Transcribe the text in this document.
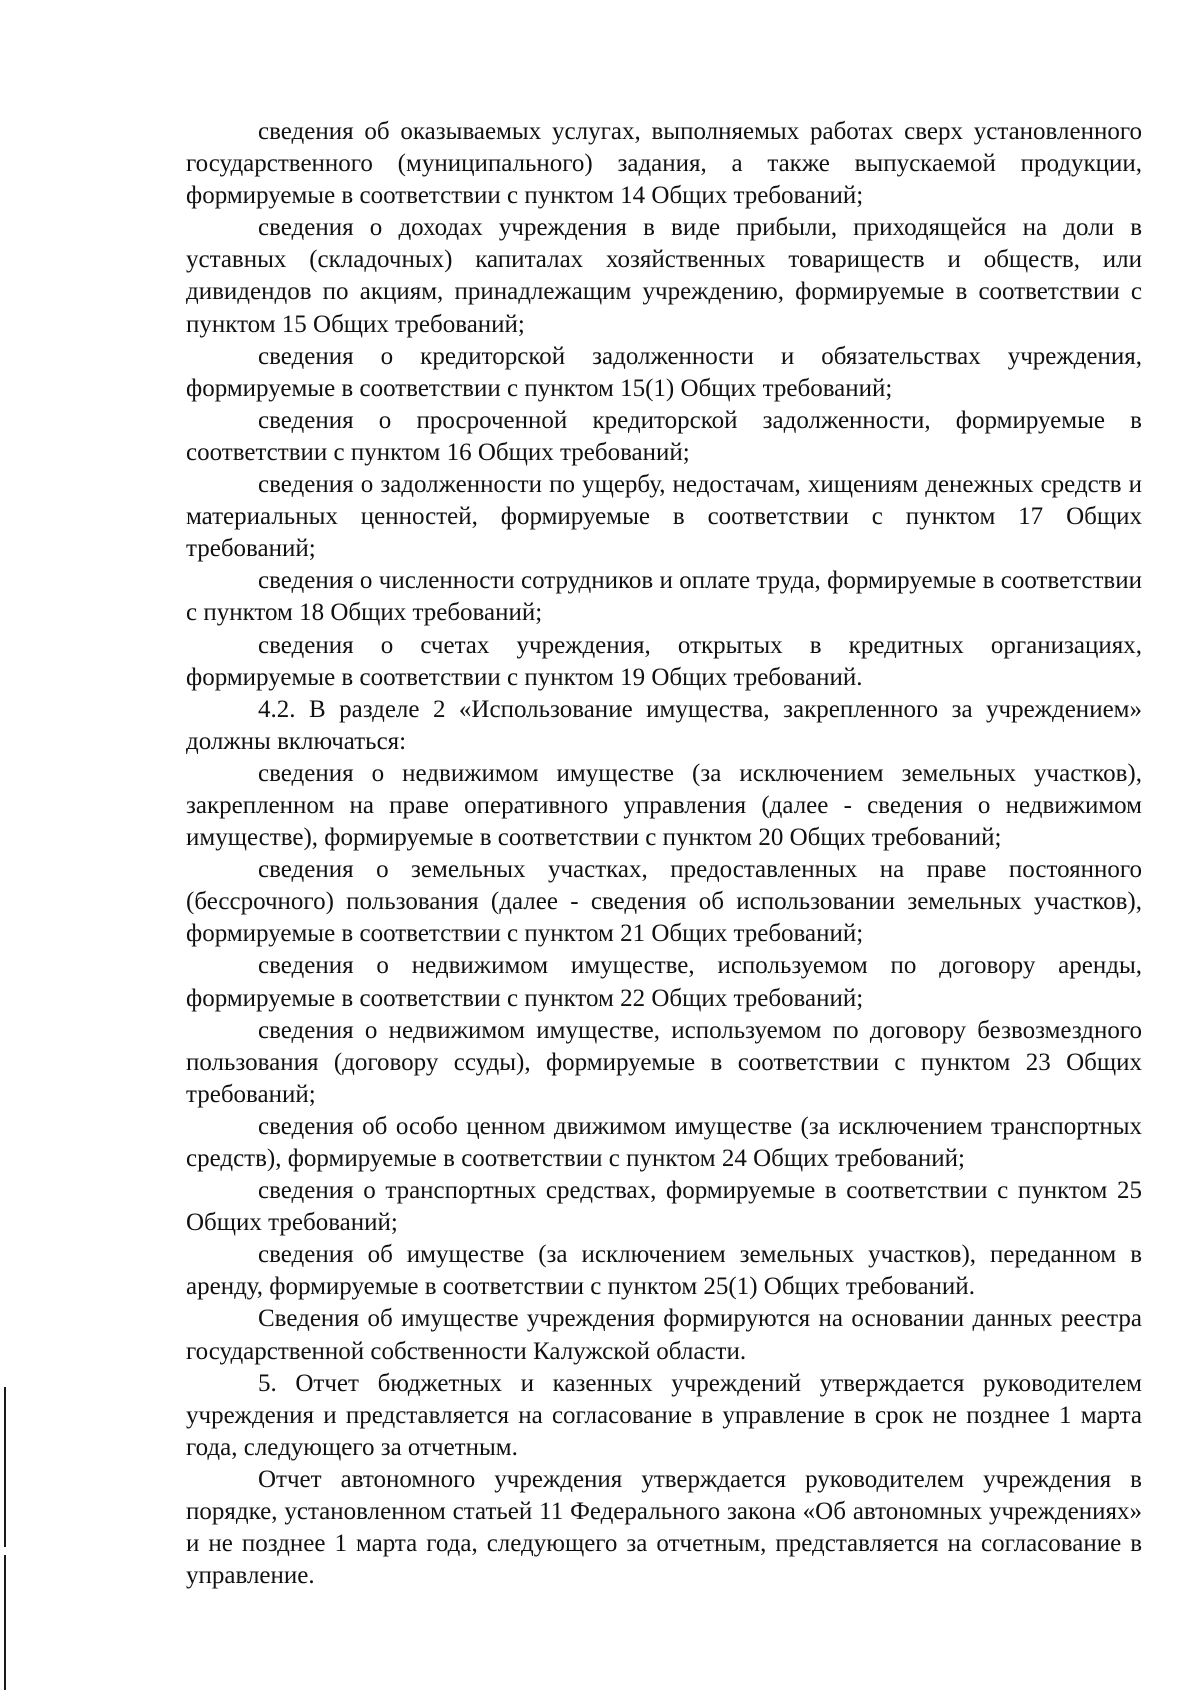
сведения об оказываемых услугах, выполняемых работах сверх установленного государственного (муниципального) задания, а также выпускаемой продукции, формируемые в соответствии с пунктом 14 Общих требований;

сведения о доходах учреждения в виде прибыли, приходящейся на доли в уставных (складочных) капиталах хозяйственных товариществ и обществ, или дивидендов по акциям, принадлежащим учреждению, формируемые в соответствии с пунктом 15 Общих требований;

сведения о кредиторской задолженности и обязательствах учреждения, формируемые в соответствии с пунктом 15(1) Общих требований;

сведения о просроченной кредиторской задолженности, формируемые в соответствии с пунктом 16 Общих требований;

сведения о задолженности по ущербу, недостачам, хищениям денежных средств и материальных ценностей, формируемые в соответствии с пунктом 17 Общих требований;

сведения о численности сотрудников и оплате труда, формируемые в соответствии с пунктом 18 Общих требований;

сведения о счетах учреждения, открытых в кредитных организациях, формируемые в соответствии с пунктом 19 Общих требований.

4.2. В разделе 2 «Использование имущества, закрепленного за учреждением» должны включаться:

сведения о недвижимом имуществе (за исключением земельных участков), закрепленном на праве оперативного управления (далее - сведения о недвижимом имуществе), формируемые в соответствии с пунктом 20 Общих требований;

сведения о земельных участках, предоставленных на праве постоянного (бессрочного) пользования (далее - сведения об использовании земельных участков), формируемые в соответствии с пунктом 21 Общих требований;

сведения о недвижимом имуществе, используемом по договору аренды, формируемые в соответствии с пунктом 22 Общих требований;

сведения о недвижимом имуществе, используемом по договору безвозмездного пользования (договору ссуды), формируемые в соответствии с пунктом 23 Общих требований;

сведения об особо ценном движимом имуществе (за исключением транспортных средств), формируемые в соответствии с пунктом 24 Общих требований;

сведения о транспортных средствах, формируемые в соответствии с пунктом 25 Общих требований;

сведения об имуществе (за исключением земельных участков), переданном в аренду, формируемые в соответствии с пунктом 25(1) Общих требований.

Сведения об имуществе учреждения формируются на основании данных реестра государственной собственности Калужской области.

5. Отчет бюджетных и казенных учреждений утверждается руководителем учреждения и представляется на согласование в управление в срок не позднее 1 марта года, следующего за отчетным.

Отчет автономного учреждения утверждается руководителем учреждения в порядке, установленном статьей 11 Федерального закона «Об автономных учреждениях» и не позднее 1 марта года, следующего за отчетным, представляется на согласование в управление.
